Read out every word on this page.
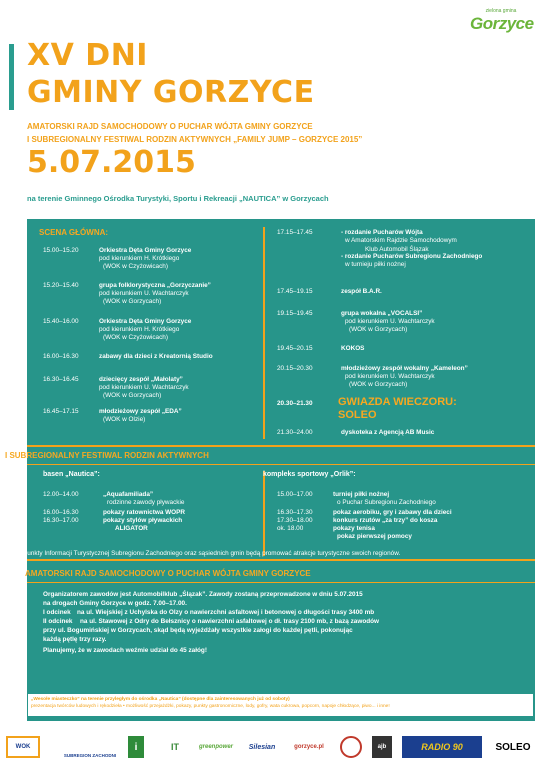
zielona gmina
Gorzyce
XV DNI
GMINY GORZYCE
AMATORSKI RAJD SAMOCHODOWY O PUCHAR WÓJTA GMINY GORZYCE
I SUBREGIONALNY FESTIWAL RODZIN AKTYWNYCH „FAMILY JUMP – GORZYCE 2015”
5.07.2015
na terenie Gminnego Ośrodka Turystyki, Sportu i Rekreacji „NAUTICA” w Gorzycach
SCENA GŁÓWNA:
15.00–15.20	Orkiestra Dęta Gminy Gorzyce
pod kierunkiem H. Krótkiego
(WOK w Czyżowicach)
15.20–15.40	grupa folklorystyczna „Gorzyczanie”
pod kierunkiem U. Wachtarczyk
(WOK w Gorzycach)
15.40–16.00	Orkiestra Dęta Gminy Gorzyce
pod kierunkiem H. Krótkiego
(WOK w Czyżowicach)
16.00–16.30	zabawy dla dzieci z Kreatornią Studio
16.30–16.45	dziecięcy zespół „Małolaty”
pod kierunkiem U. Wachtarczyk
(WOK w Gorzycach)
16.45–17.15	młodzieżowy zespół „EDA”
(WOK w Olzie)
17.15–17.45	- rozdanie Pucharów Wójta
w Amatorskim Rajdzie Samochodowym
Klub Automobil Ślązak
- rozdanie Pucharów Subregionu Zachodniego
w turnieju piłki nożnej
17.45–19.15	zespół B.A.R.
19.15–19.45	grupa wokalna „VOCALSI”
pod kierunkiem U. Wachtarczyk
(WOK w Gorzycach)
19.45–20.15	KOKOS
20.15–20.30	młodzieżowy zespół wokalny „Kameleon”
pod kierunkiem U. Wachtarczyk
(WOK w Gorzycach)
20.30–21.30	GWIAZDA WIECZORU:
SOLEO
21.30–24.00	dyskoteka z Agencją AB Music
I SUBREGIONALNY FESTIWAL RODZIN AKTYWNYCH
basen „Nautica”:
12.00–14.00	„Aquafamiliada”
rodzinne zawody pływackie
16.00–16.30	pokazy ratownictwa WOPR
16.30–17.00	pokazy stylów pływackich
ALIGATOR
kompleks sportowy „Orlik”:
15.00–17.00	turniej piłki nożnej
o Puchar Subregionu Zachodniego
16.30–17.30	pokaz aerobiku, gry i zabawy dla dzieci
17.30–18.00	konkurs rzutów „za trzy” do kosza
ok. 18.00	pokazy tenisa
pokaz pierwszej pomocy
Punkty Informacji Turystycznej Subregionu Zachodniego oraz sąsiednich gmin będą promować atrakcje turystyczne swoich regionów.
AMATORSKI RAJD SAMOCHODOWY O PUCHAR WÓJTA GMINY GORZYCE
Organizatorem zawodów jest Automobilklub „Ślązak”. Zawody zostaną przeprowadzone w dniu 5.07.2015
na drogach Gminy Gorzyce w godz. 7.00–17.00.
I odcinek na ul. Wiejskiej z Uchylska do Olzy o nawierzchni asfaltowej i betonowej o długości trasy 3400 mb
II odcinek na ul. Stawowej z Odry do Bełsznicy o nawierzchni asfaltowej o dł. trasy 2100 mb, z bazą zawodów
przy ul. Bogumińskiej w Gorzycach, skąd będą wyjeżdżały wszystkie załogi do każdej pętli, pokonując
każdą pętlę trzy razy.
Planujemy, że w zawodach weźmie udział do 45 załóg!
„Wesołe miasteczko” na terenie przyległym do ośrodka „Nautica” (dostępne dla zainteresowanych już od soboty)
prezentacja twórców ludowych i rękodzieła • możliwość przejażdżki, pokazy, punkty gastronomiczne, lody, gofry, wata cukrowa, popcorn, napoje chłodzące, piwo... i inne!
WOK
SUBREGION ZACHODNI
i	IT	greenpower	Silesian	gorzyce.pl	ajb	RADIO 90	SOLEO
